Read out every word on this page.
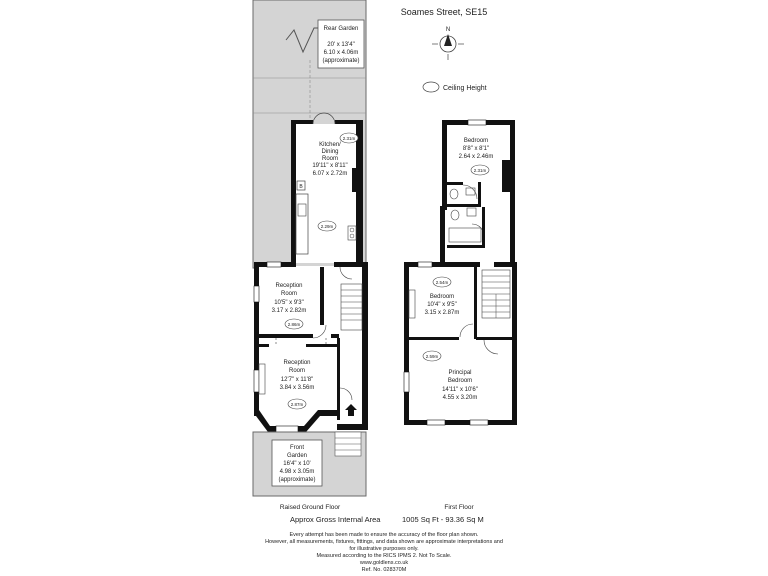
Rear Garden
20' x 13'4"
6.10 x 4.06m
(approximate)
B
Kitchen/
Dining
Room
19'11" x 8'11"
6.07 x 2.72m
2.31m
2.29m
Reception
Room
10'5" x 9'3"
3.17 x 2.82m
2.86m
Reception
Room
12'7" x 11'8"
3.84 x 3.56m
2.87m
Front
Garden
16'4" x 10'
4.98 x 3.05m
(approximate)
Bedroom
8'8" x 8'1"
2.64 x 2.46m
2.31m
2.54m
Bedroom
10'4" x 9'5"
3.15 x 2.87m
2.59m
Principal
Bedroom
14'11" x 10'6"
4.55 x 3.20m
Soames Street, SE15
N
Ceiling Height
Raised Ground Floor	First Floor
Approx Gross Internal Area	1005 Sq Ft - 93.36 Sq M
Every attempt has been made to ensure the accuracy of the floor plan shown.
However, all measurements, fixtures, fittings, and data shown are approximate interpretations and
for illustrative purposes only.
Measured according to the RICS IPMS 2. Not To Scale.
www.goldlens.co.uk
Ref. No. 028370M
